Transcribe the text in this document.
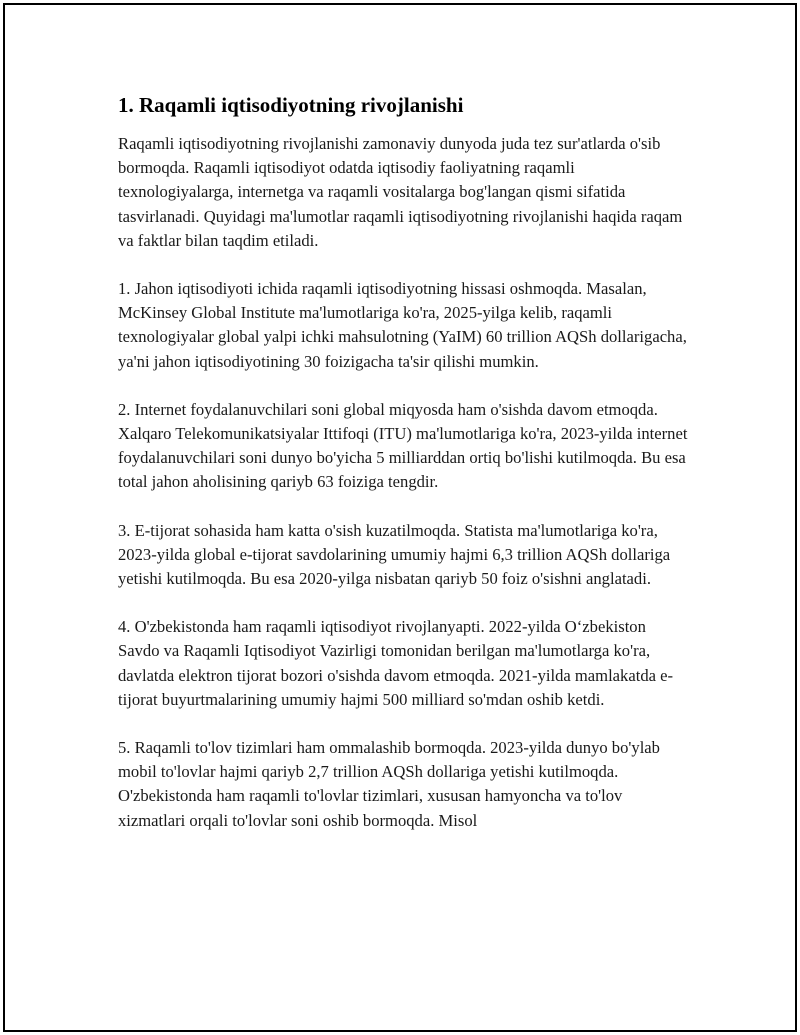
1. Raqamli iqtisodiyotning rivojlanishi

Raqamli iqtisodiyotning rivojlanishi zamonaviy dunyoda juda tez sur'atlarda o'sib bormoqda. Raqamli iqtisodiyot odatda iqtisodiy faoliyatning raqamli texnologiyalarga, internetga va raqamli vositalarga bog'langan qismi sifatida tasvirlanadi. Quyidagi ma'lumotlar raqamli iqtisodiyotning rivojlanishi haqida raqam va faktlar bilan taqdim etiladi.

1. Jahon iqtisodiyoti ichida raqamli iqtisodiyotning hissasi oshmoqda. Masalan, McKinsey Global Institute ma'lumotlariga ko'ra, 2025-yilga kelib, raqamli texnologiyalar global yalpi ichki mahsulotning (YaIM) 60 trillion AQSh dollarigacha, ya'ni jahon iqtisodiyotining 30 foizigacha ta'sir qilishi mumkin.

2. Internet foydalanuvchilari soni global miqyosda ham o'sishda davom etmoqda. Xalqaro Telekomunikatsiyalar Ittifoqi (ITU) ma'lumotlariga ko'ra, 2023-yilda internet foydalanuvchilari soni dunyo bo'yicha 5 milliarddan ortiq bo'lishi kutilmoqda. Bu esa total jahon aholisining qariyb 63 foiziga tengdir.

3. E-tijorat sohasida ham katta o'sish kuzatilmoqda. Statista ma'lumotlariga ko'ra, 2023-yilda global e-tijorat savdolarining umumiy hajmi 6,3 trillion AQSh dollariga yetishi kutilmoqda. Bu esa 2020-yilga nisbatan qariyb 50 foiz o'sishni anglatadi.

4. O'zbekistonda ham raqamli iqtisodiyot rivojlanyapti. 2022-yilda O‘zbekiston Savdo va Raqamli Iqtisodiyot Vazirligi tomonidan berilgan ma'lumotlarga ko'ra, davlatda elektron tijorat bozori o'sishda davom etmoqda. 2021-yilda mamlakatda e-tijorat buyurtmalarining umumiy hajmi 500 milliard so'mdan oshib ketdi.

5. Raqamli to'lov tizimlari ham ommalashib bormoqda. 2023-yilda dunyo bo'ylab mobil to'lovlar hajmi qariyb 2,7 trillion AQSh dollariga yetishi kutilmoqda. O'zbekistonda ham raqamli to'lovlar tizimlari, xususan hamyoncha va to'lov xizmatlari orqali to'lovlar soni oshib bormoqda. Misol
